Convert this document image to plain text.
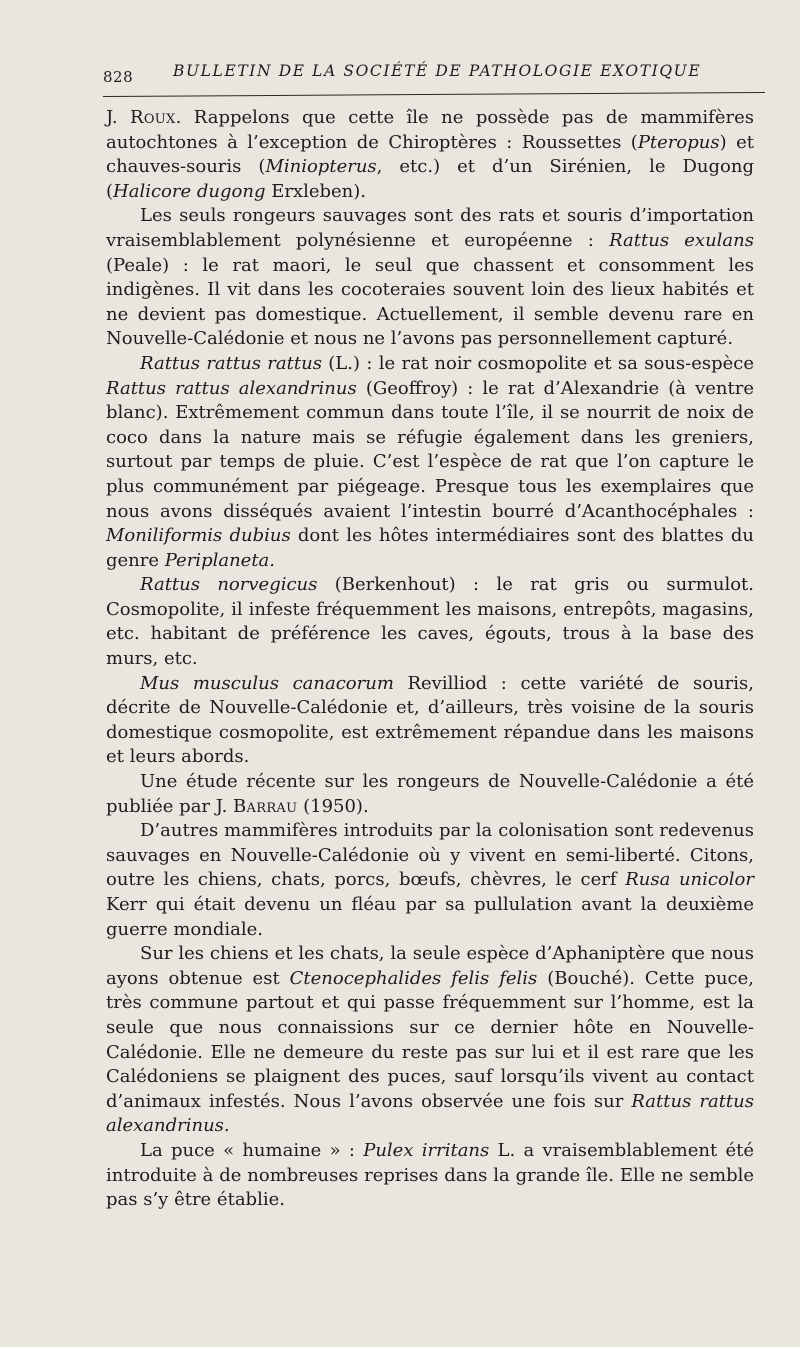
828	BULLETIN DE LA SOCIÉTÉ DE PATHOLOGIE EXOTIQUE

J. Roux. Rappelons que cette île ne possède pas de mammifères autochtones à l’exception de Chiroptères : Roussettes (Pteropus) et chauves-souris (Miniopterus, etc.) et d’un Sirénien, le Dugong (Halicore dugong Erxleben).

Les seuls rongeurs sauvages sont des rats et souris d’importation vraisemblablement polynésienne et européenne : Rattus exulans (Peale) : le rat maori, le seul que chassent et consomment les indigènes. Il vit dans les cocoteraies souvent loin des lieux habités et ne devient pas domestique. Actuellement, il semble devenu rare en Nouvelle-Calédonie et nous ne l’avons pas personnellement capturé.

Rattus rattus rattus (L.) : le rat noir cosmopolite et sa sous-espèce Rattus rattus alexandrinus (Geoffroy) : le rat d’Alexandrie (à ventre blanc). Extrêmement commun dans toute l’île, il se nourrit de noix de coco dans la nature mais se réfugie également dans les greniers, surtout par temps de pluie. C’est l’espèce de rat que l’on capture le plus communément par piégeage. Presque tous les exemplaires que nous avons disséqués avaient l’intestin bourré d’Acanthocéphales : Moniliformis dubius dont les hôtes intermédiaires sont des blattes du genre Periplaneta.

Rattus norvegicus (Berkenhout) : le rat gris ou surmulot. Cosmopolite, il infeste fréquemment les maisons, entrepôts, magasins, etc. habitant de préférence les caves, égouts, trous à la base des murs, etc.

Mus musculus canacorum Revilliod : cette variété de souris, décrite de Nouvelle-Calédonie et, d’ailleurs, très voisine de la souris domestique cosmopolite, est extrêmement répandue dans les maisons et leurs abords.

Une étude récente sur les rongeurs de Nouvelle-Calédonie a été publiée par J. Barrau (1950).

D’autres mammifères introduits par la colonisation sont redevenus sauvages en Nouvelle-Calédonie où y vivent en semi-liberté. Citons, outre les chiens, chats, porcs, bœufs, chèvres, le cerf Rusa unicolor Kerr qui était devenu un fléau par sa pullulation avant la deuxième guerre mondiale.

Sur les chiens et les chats, la seule espèce d’Aphaniptère que nous ayons obtenue est Ctenocephalides felis felis (Bouché). Cette puce, très commune partout et qui passe fréquemment sur l’homme, est la seule que nous connaissions sur ce dernier hôte en Nouvelle-Calédonie. Elle ne demeure du reste pas sur lui et il est rare que les Calédoniens se plaignent des puces, sauf lorsqu’ils vivent au contact d’animaux infestés. Nous l’avons observée une fois sur Rattus rattus alexandrinus.

La puce « humaine » : Pulex irritans L. a vraisemblablement été introduite à de nombreuses reprises dans la grande île. Elle ne semble pas s’y être établie.
